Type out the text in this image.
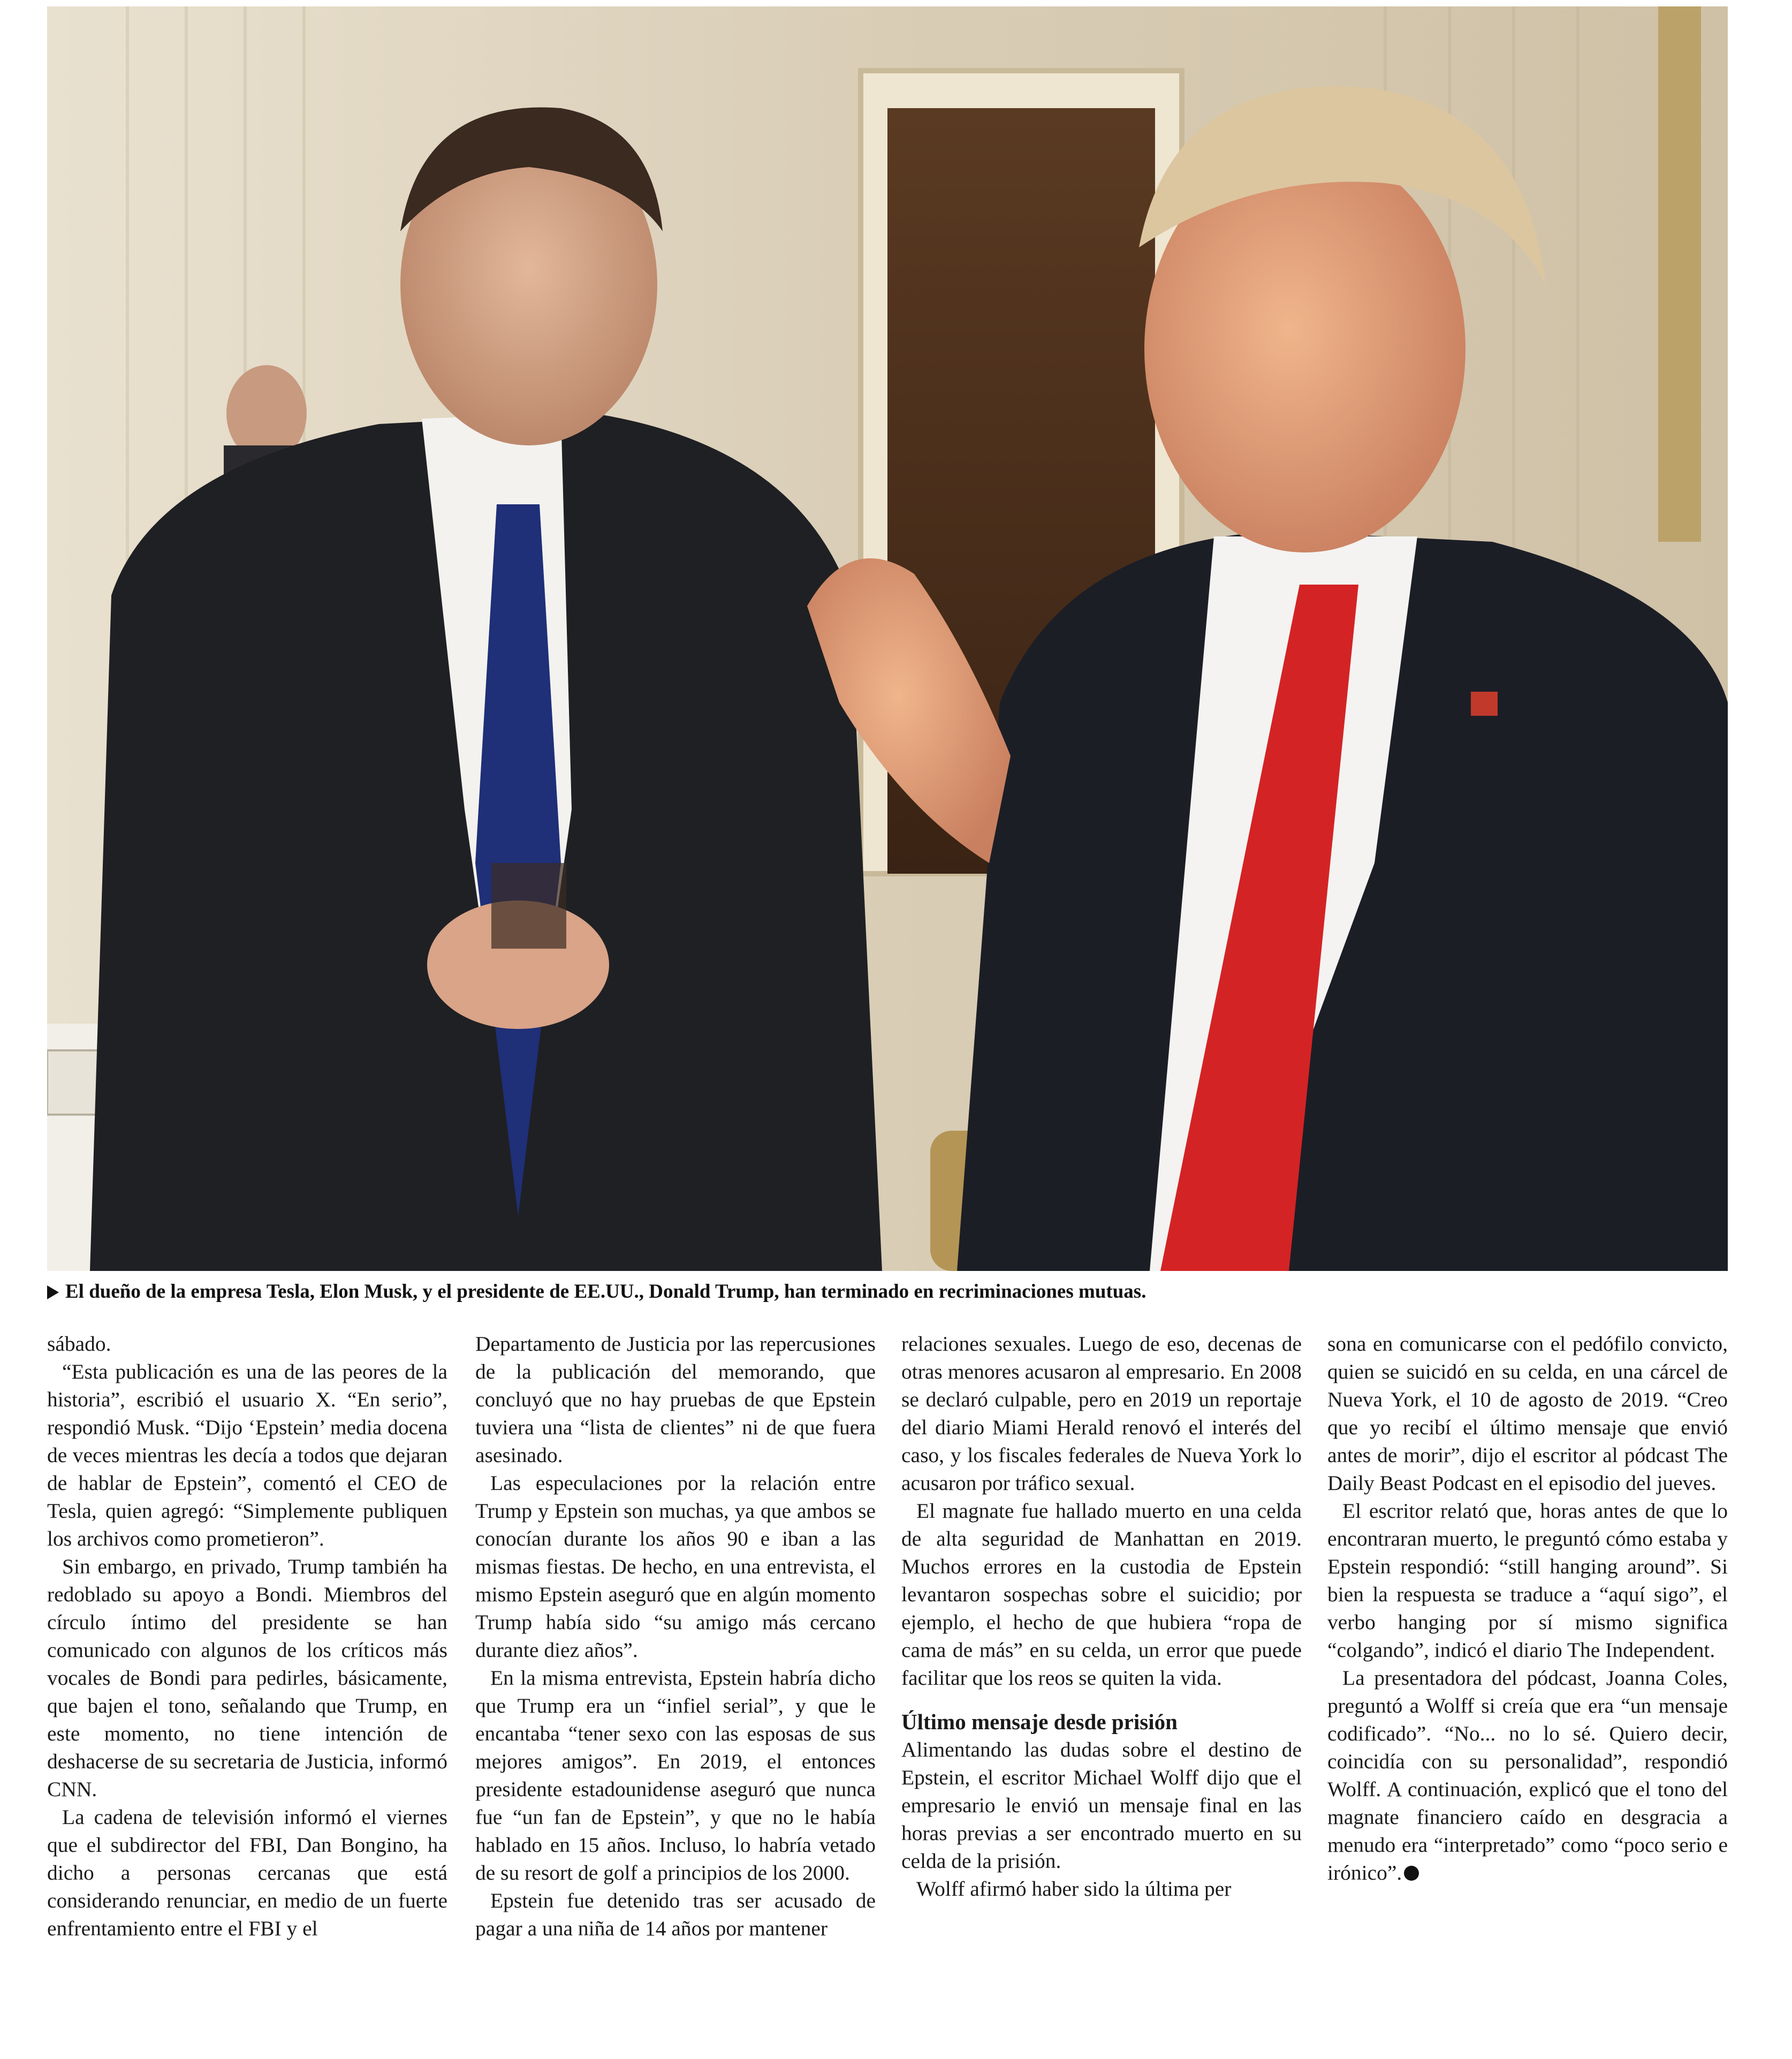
El dueño de la empresa Tesla, Elon Musk, y el presidente de EE.UU., Donald Trump, han terminado en recriminaciones mutuas.

sábado.

“Esta publicación es una de las peores de la historia”, escribió el usuario X. “En serio”, respondió Musk. “Dijo ‘Epstein’ media docena de veces mientras les decía a todos que dejaran de hablar de Epstein”, comentó el CEO de Tesla, quien agregó: “Simplemente publiquen los archivos como prometieron”.

Sin embargo, en privado, Trump también ha redoblado su apoyo a Bondi. Miembros del círculo íntimo del presidente se han comunicado con algunos de los críticos más vocales de Bondi para pedirles, básicamente, que bajen el tono, señalando que Trump, en este momento, no tiene intención de deshacerse de su secretaria de Justicia, informó CNN.

La cadena de televisión informó el viernes que el subdirector del FBI, Dan Bongino, ha dicho a personas cercanas que está considerando renunciar, en medio de un fuerte enfrentamiento entre el FBI y el

Departamento de Justicia por las repercusiones de la publicación del memorando, que concluyó que no hay pruebas de que Epstein tuviera una “lista de clientes” ni de que fuera asesinado.

Las especulaciones por la relación entre Trump y Epstein son muchas, ya que ambos se conocían durante los años 90 e iban a las mismas fiestas. De hecho, en una entrevista, el mismo Epstein aseguró que en algún momento Trump había sido “su amigo más cercano durante diez años”.

En la misma entrevista, Epstein habría dicho que Trump era un “infiel serial”, y que le encantaba “tener sexo con las esposas de sus mejores amigos”. En 2019, el entonces presidente estadounidense aseguró que nunca fue “un fan de Epstein”, y que no le había hablado en 15 años. Incluso, lo habría vetado de su resort de golf a principios de los 2000.

Epstein fue detenido tras ser acusado de pagar a una niña de 14 años por mantener

relaciones sexuales. Luego de eso, decenas de otras menores acusaron al empresario. En 2008 se declaró culpable, pero en 2019 un reportaje del diario Miami Herald renovó el interés del caso, y los fiscales federales de Nueva York lo acusaron por tráfico sexual.

El magnate fue hallado muerto en una celda de alta seguridad de Manhattan en 2019. Muchos errores en la custodia de Epstein levantaron sospechas sobre el suicidio; por ejemplo, el hecho de que hubiera “ropa de cama de más” en su celda, un error que puede facilitar que los reos se quiten la vida.

Último mensaje desde prisión

Alimentando las dudas sobre el destino de Epstein, el escritor Michael Wolff dijo que el empresario le envió un mensaje final en las horas previas a ser encontrado muerto en su celda de la prisión.

Wolff afirmó haber sido la última per

sona en comunicarse con el pedófilo convicto, quien se suicidó en su celda, en una cárcel de Nueva York, el 10 de agosto de 2019. “Creo que yo recibí el último mensaje que envió antes de morir”, dijo el escritor al pódcast The Daily Beast Podcast en el episodio del jueves.

El escritor relató que, horas antes de que lo encontraran muerto, le preguntó cómo estaba y Epstein respondió: “still hanging around”. Si bien la respuesta se traduce a “aquí sigo”, el verbo hanging por sí mismo significa “colgando”, indicó el diario The Independent.

La presentadora del pódcast, Joanna Coles, preguntó a Wolff si creía que era “un mensaje codificado”. “No... no lo sé. Quiero decir, coincidía con su personalidad”, respondió Wolff. A continuación, explicó que el tono del magnate financiero caído en desgracia a menudo era “interpretado” como “poco serio e irónico”.
